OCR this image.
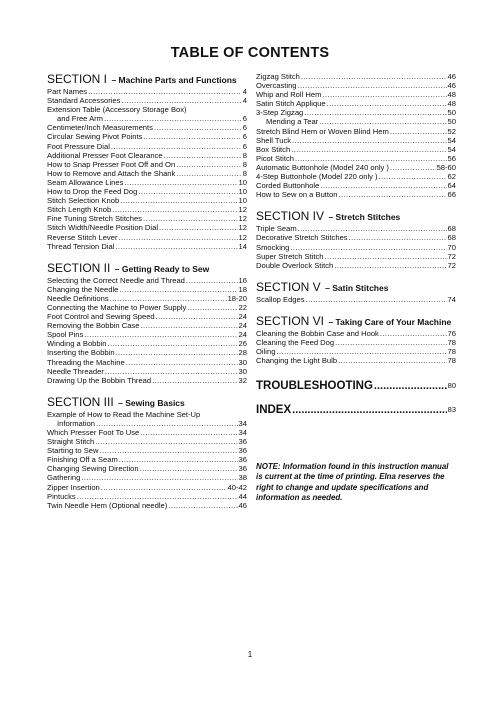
TABLE OF CONTENTS
SECTION I – Machine Parts and Functions
Part Names .....	4
Standard Accessories .....	4
Extension Table (Accessory Storage Box)
and Free Arm .....	6
Centimeter/Inch Measurements .....	6
Circular Sewing Pivot Points .....	6
Foot Pressure Dial .....	6
Additional Presser Foot Clearance .....	8
How to Snap Presser Foot Off and On .....	8
How to Remove and Attach the Shank .....	8
Seam Allowance Lines .....	10
How to Drop the Feed Dog .....	10
Stitch Selection Knob .....	10
Stitch Length Knob .....	12
Fine Tuning Stretch Stitches .....	12
Stitch Width/Needle Position Dial .....	12
Reverse Stitch Lever .....	12
Thread Tension Dial .....	14
SECTION II – Getting Ready to Sew
Selecting the Correct Needle and Thread .....	16
Changing the Needle .....	18
Needle Definitions .....	18-20
Connecting the Machine to Power Supply .....	22
Foot Control and Sewing Speed .....	24
Removing the Bobbin Case .....	24
Spool Pins .....	24
Winding a Bobbin .....	26
Inserting the Bobbin .....	28
Threading the Machine .....	30
Needle Threader .....	30
Drawing Up the Bobbin Thread .....	32
SECTION III – Sewing Basics
Example of How to Read the Machine Set-Up
Information .....	34
Which Presser Foot To Use .....	34
Straight Stitch .....	36
Starting to Sew .....	36
Finishing Off a Seam .....	36
Changing Sewing Direction .....	36
Gathering .....	38
Zipper Insertion .....	40-42
Pintucks .....	44
Twin Needle Hem (Optional needle) .....	46
Zigzag Stitch .....	46
Overcasting .....	46
Whip and Roll Hem .....	48
Satin Stitch Applique .....	48
3-Step Zigzag .....	50
Mending a Tear .....	50
Stretch Blind Hem or Woven Blind Hem .....	52
Shell Tuck .....	54
Box Stitch .....	54
Picot Stitch .....	56
Automatic Buttonhole (Model 240 only ) .....	58-60
4-Step Buttonhole (Model 220 only ) .....	62
Corded Buttonhole .....	64
How to Sew on a Button .....	66
SECTION IV – Stretch Stitches
Triple Seam .....	68
Decorative Stretch Stitches .....	68
Smocking .....	70
Super Stretch Stitch .....	72
Double Overlock Stitch .....	72
SECTION V – Satin Stitches
Scallop Edges .....	74
SECTION VI – Taking Care of Your Machine
Cleaning the Bobbin Case and Hook .....	76
Cleaning the Feed Dog .....	78
Oiling .....	78
Changing the Light Bulb .....	78
TROUBLESHOOTING .....	80
INDEX .....	83
NOTE: Information found in this instruction manual is current at the time of printing. Elna reserves the right to change and update specifications and information as needed.
1
